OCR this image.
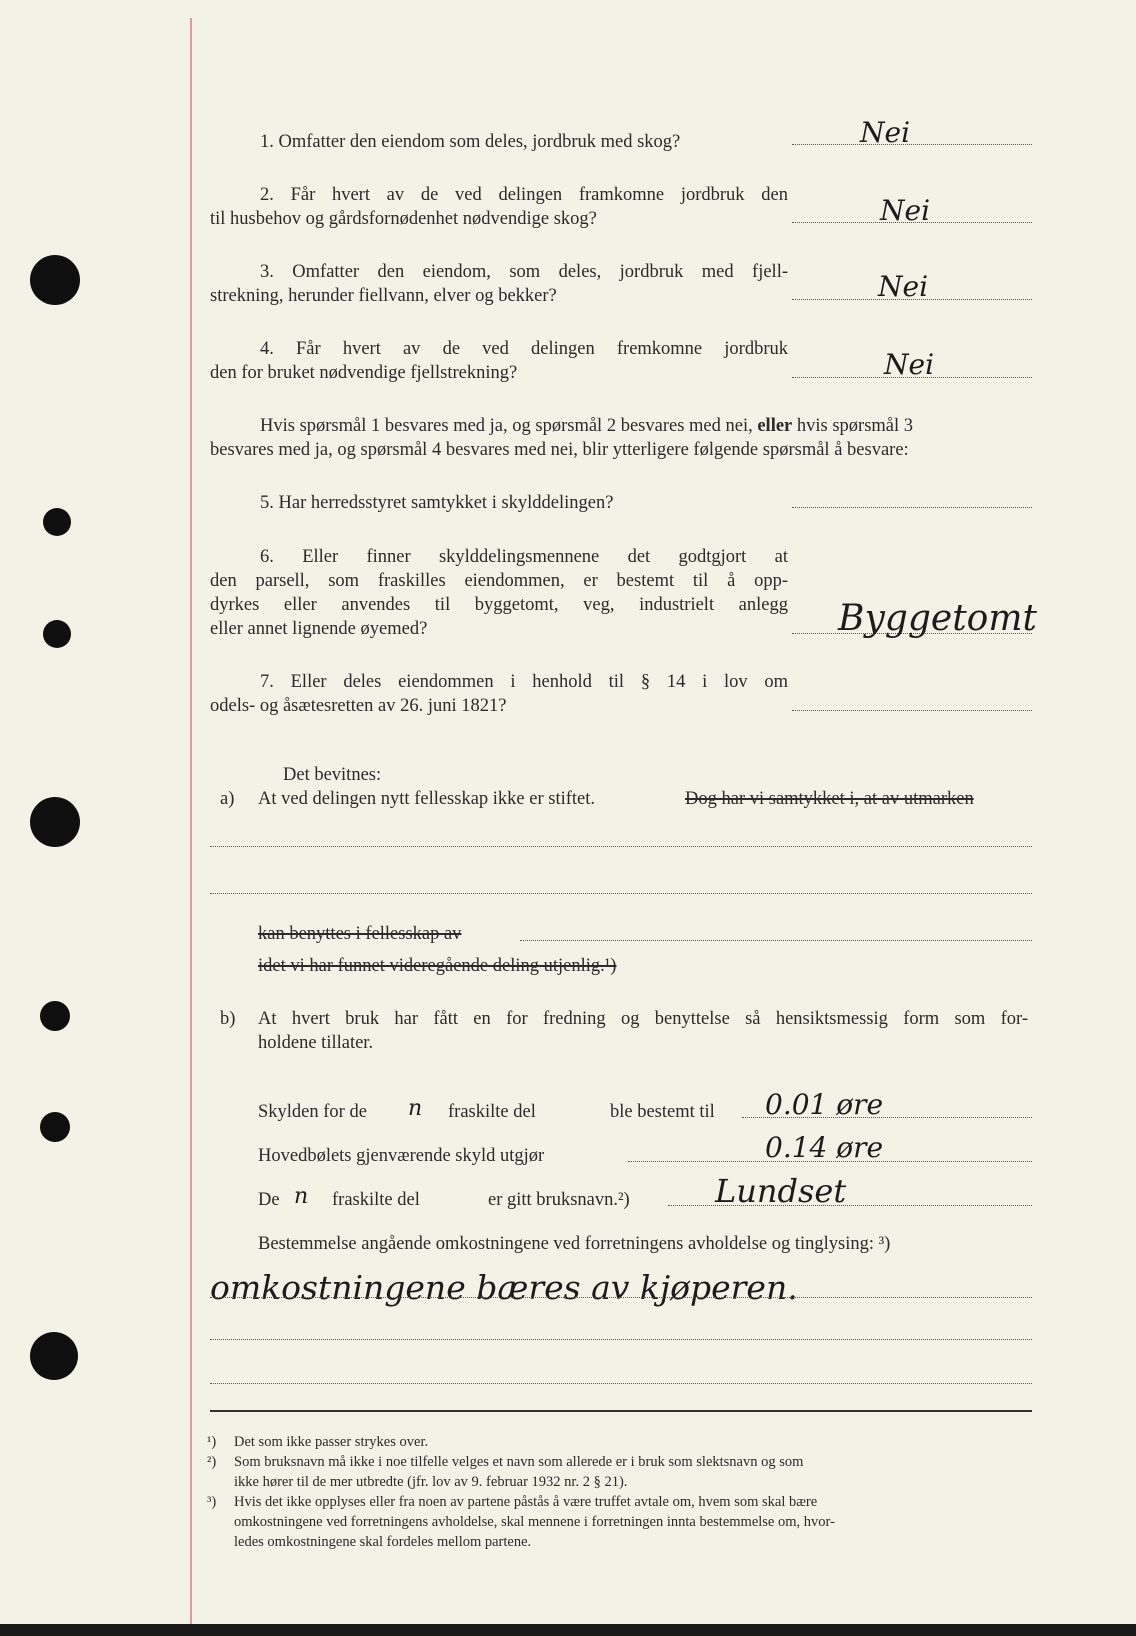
1. Omfatter den eiendom som deles, jordbruk med skog?	Nei
2. Får hvert av de ved delingen framkomne jordbruk den
til husbehov og gårdsfornødenhet nødvendige skog?	Nei
3. Omfatter den eiendom, som deles, jordbruk med fjell-
strekning, herunder fiellvann, elver og bekker?	Nei
4. Får hvert av de ved delingen fremkomne jordbruk
den for bruket nødvendige fjellstrekning?	Nei
Hvis spørsmål 1 besvares med ja, og spørsmål 2 besvares med nei, eller hvis spørsmål 3
besvares med ja, og spørsmål 4 besvares med nei, blir ytterligere følgende spørsmål å besvare:
5. Har herredsstyret samtykket i skylddelingen?
6. Eller finner skylddelingsmennene det godtgjort at
den parsell, som fraskilles eiendommen, er bestemt til å opp-
dyrkes eller anvendes til byggetomt, veg, industrielt anlegg
eller annet lignende øyemed?	Byggetomt
7. Eller deles eiendommen i henhold til § 14 i lov om
odels- og åsætesretten av 26. juni 1821?
Det bevitnes:
a) At ved delingen nytt fellesskap ikke er stiftet.	Dog har vi samtykket i, at av utmarken
kan benyttes i fellesskap av
idet vi har funnet videregående deling utjenlig.¹)
b) At hvert bruk har fått en for fredning og benyttelse så hensiktsmessig form som for-
holdene tillater.
Skylden for de n fraskilte del	ble bestemt til 0.01 øre
Hovedbølets gjenværende skyld utgjør	0.14 øre
De n fraskilte del	er gitt bruksnavn.²)	Lundset
Bestemmelse angående omkostningene ved forretningens avholdelse og tinglysing: ³)
omkostningene bæres av kjøperen.
¹) Det som ikke passer strykes over.
²) Som bruksnavn må ikke i noe tilfelle velges et navn som allerede er i bruk som slektsnavn og som
ikke hører til de mer utbredte (jfr. lov av 9. februar 1932 nr. 2 § 21).
³) Hvis det ikke opplyses eller fra noen av partene påstås å være truffet avtale om, hvem som skal bære
omkostningene ved forretningens avholdelse, skal mennene i forretningen innta bestemmelse om, hvor-
ledes omkostningene skal fordeles mellom partene.
